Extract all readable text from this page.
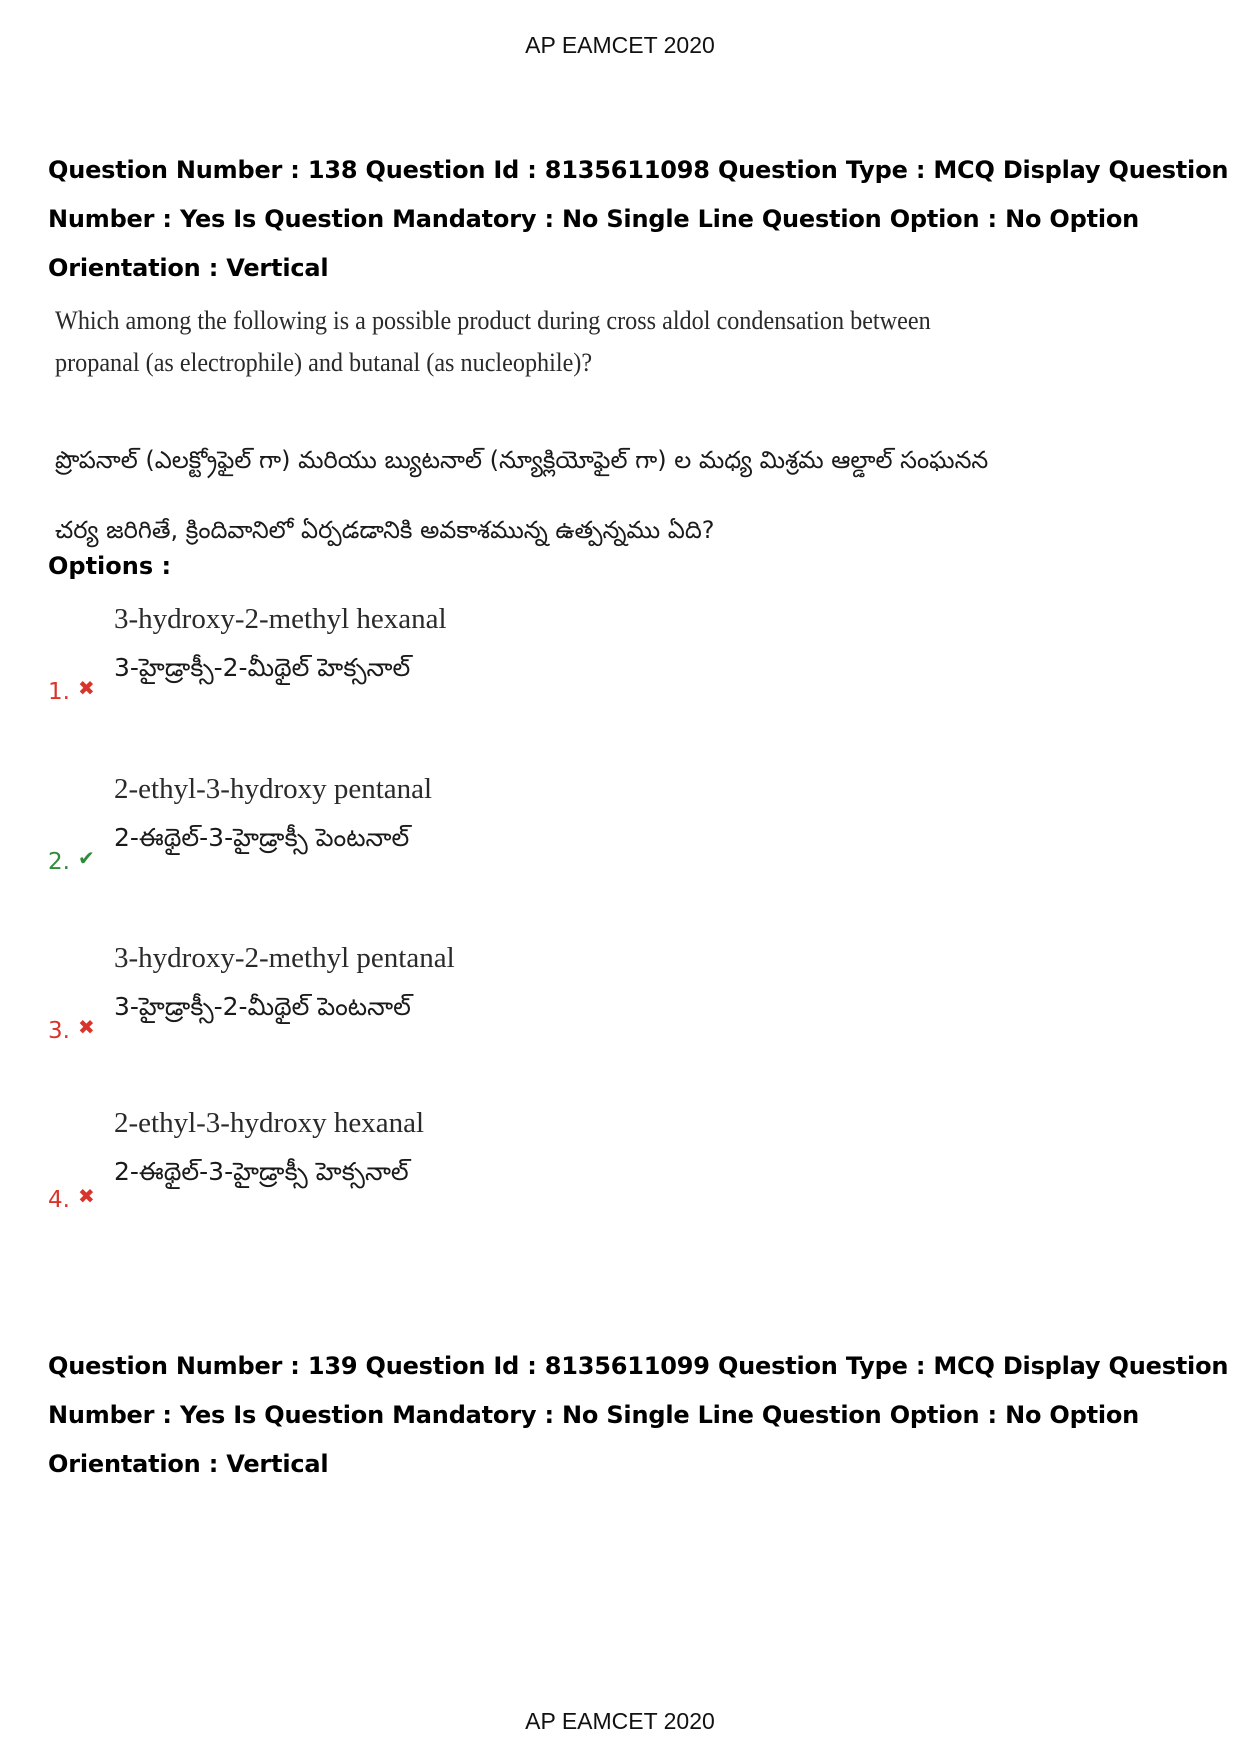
AP EAMCET 2020
Question Number : 138 Question Id : 8135611098 Question Type : MCQ Display Question
Number : Yes Is Question Mandatory : No Single Line Question Option : No Option
Orientation : Vertical
Which among the following is a possible product during cross aldol condensation between
propanal (as electrophile) and butanal (as nucleophile)?
ప్రొపనాల్ (ఎలక్ట్రోఫైల్ గా) మరియు బ్యుటనాల్ (న్యూక్లియోఫైల్ గా) ల మధ్య మిశ్రమ ఆల్డాల్ సంఘనన
చర్య జరిగితే, క్రిందివానిలో ఏర్పడడానికి అవకాశమున్న ఉత్పన్నము ఏది?
Options :
1. ✖
3-hydroxy-2-methyl hexanal
3-హైడ్రాక్సీ-2-మీథైల్ హెక్సనాల్
2. ✔
2-ethyl-3-hydroxy pentanal
2-ఈథైల్-3-హైడ్రాక్సీ పెంటనాల్
3. ✖
3-hydroxy-2-methyl pentanal
3-హైడ్రాక్సీ-2-మీథైల్ పెంటనాల్
4. ✖
2-ethyl-3-hydroxy hexanal
2-ఈథైల్-3-హైడ్రాక్సీ హెక్సనాల్
Question Number : 139 Question Id : 8135611099 Question Type : MCQ Display Question
Number : Yes Is Question Mandatory : No Single Line Question Option : No Option
Orientation : Vertical
AP EAMCET 2020
